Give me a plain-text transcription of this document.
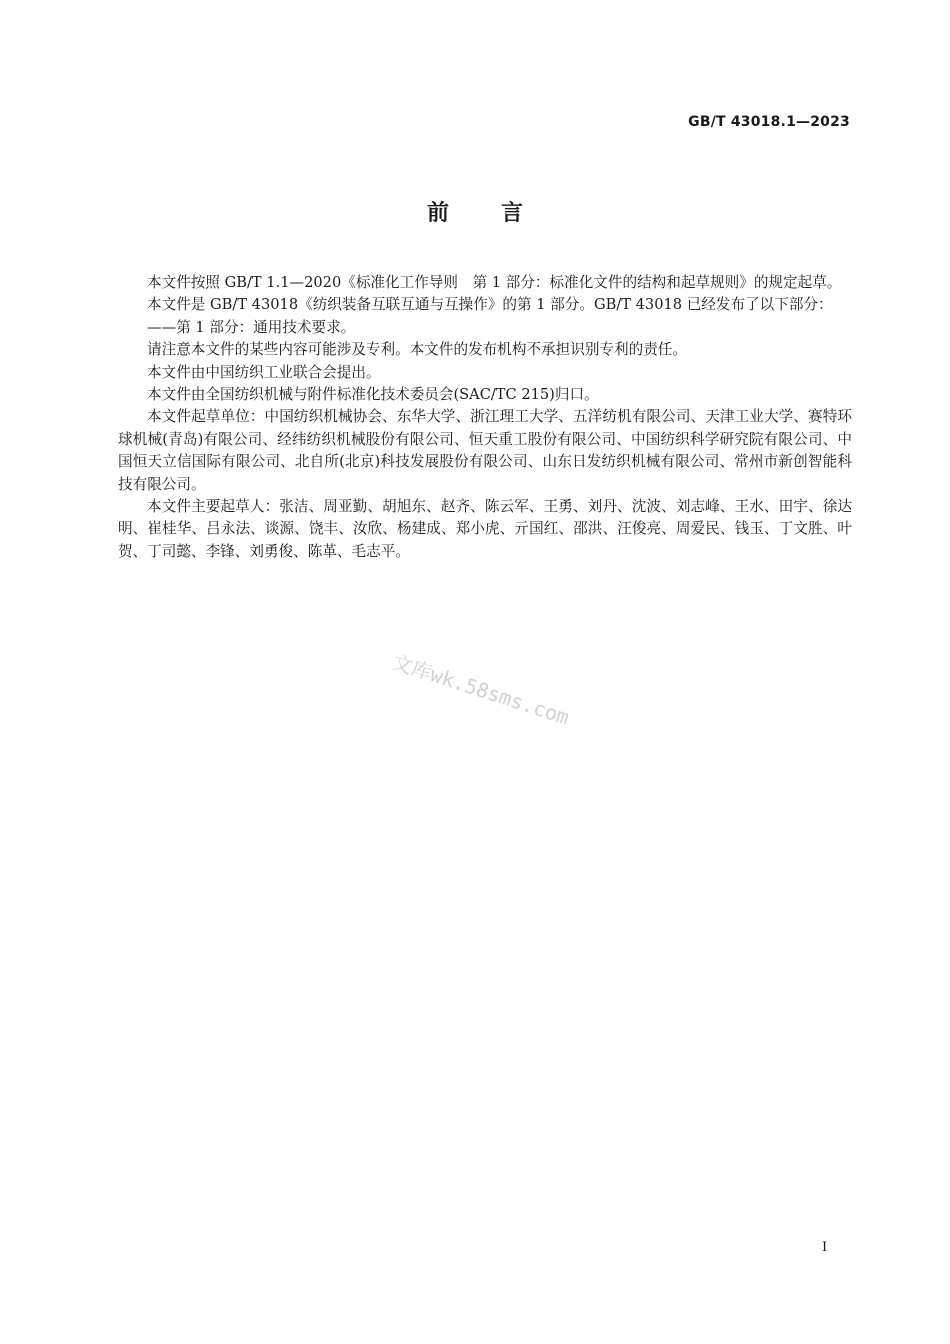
GB/T 43018.1—2023
前言

本文件按照 GB/T 1.1—2020《标准化工作导则　第 1 部分：标准化文件的结构和起草规则》的规定起草。

本文件是 GB/T 43018《纺织装备互联互通与互操作》的第 1 部分。GB/T 43018 已经发布了以下部分：

——第 1 部分：通用技术要求。

请注意本文件的某些内容可能涉及专利。本文件的发布机构不承担识别专利的责任。

本文件由中国纺织工业联合会提出。

本文件由全国纺织机械与附件标准化技术委员会(SAC/TC 215)归口。

本文件起草单位：中国纺织机械协会、东华大学、浙江理工大学、五洋纺机有限公司、天津工业大学、赛特环球机械(青岛)有限公司、经纬纺织机械股份有限公司、恒天重工股份有限公司、中国纺织科学研究院有限公司、中国恒天立信国际有限公司、北自所(北京)科技发展股份有限公司、山东日发纺织机械有限公司、常州市新创智能科技有限公司。

本文件主要起草人：张洁、周亚勤、胡旭东、赵齐、陈云军、王勇、刘丹、沈波、刘志峰、王水、田宇、徐达明、崔桂华、吕永法、谈源、饶丰、汝欣、杨建成、郑小虎、亓国红、邵洪、汪俊亮、周爱民、钱玉、丁文胜、叶贺、丁司懿、李锋、刘勇俊、陈革、毛志平。

文库wk.58sms.com
I
